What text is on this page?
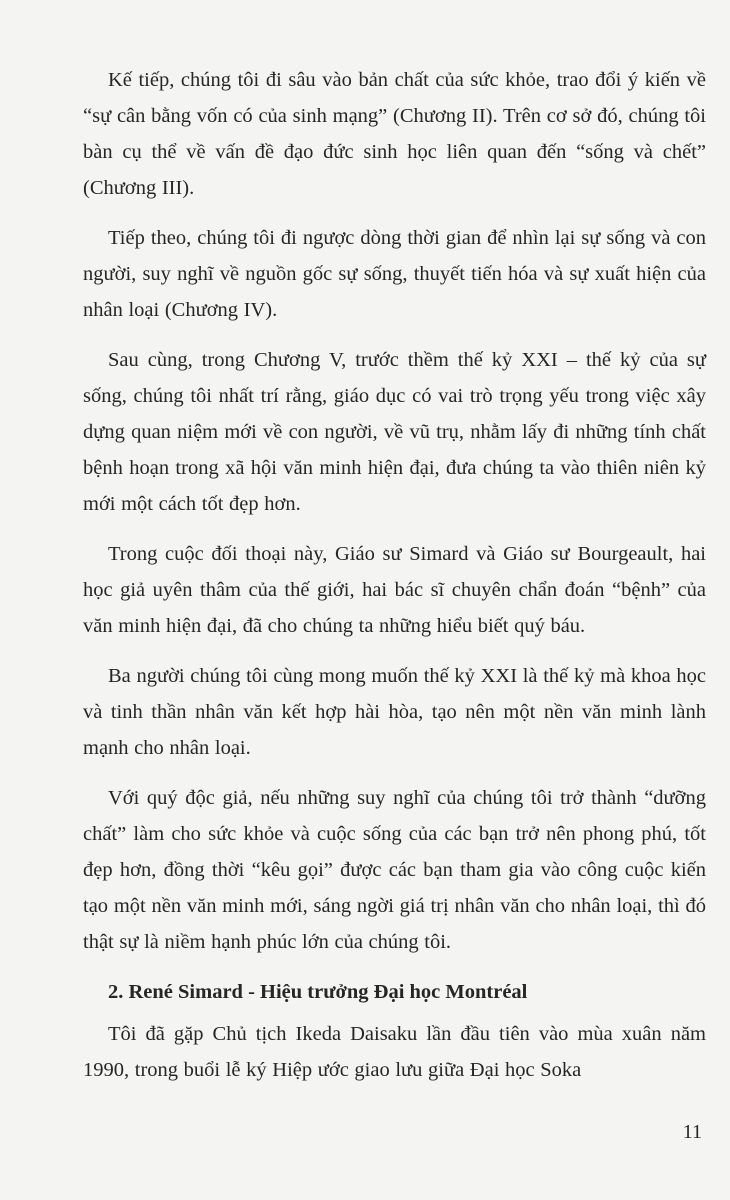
Kế tiếp, chúng tôi đi sâu vào bản chất của sức khỏe, trao đổi ý kiến về “sự cân bằng vốn có của sinh mạng” (Chương II). Trên cơ sở đó, chúng tôi bàn cụ thể về vấn đề đạo đức sinh học liên quan đến “sống và chết” (Chương III).

Tiếp theo, chúng tôi đi ngược dòng thời gian để nhìn lại sự sống và con người, suy nghĩ về nguồn gốc sự sống, thuyết tiến hóa và sự xuất hiện của nhân loại (Chương IV).

Sau cùng, trong Chương V, trước thềm thế kỷ XXI – thế kỷ của sự sống, chúng tôi nhất trí rằng, giáo dục có vai trò trọng yếu trong việc xây dựng quan niệm mới về con người, về vũ trụ, nhằm lấy đi những tính chất bệnh hoạn trong xã hội văn minh hiện đại, đưa chúng ta vào thiên niên kỷ mới một cách tốt đẹp hơn.

Trong cuộc đối thoại này, Giáo sư Simard và Giáo sư Bourgeault, hai học giả uyên thâm của thế giới, hai bác sĩ chuyên chẩn đoán “bệnh” của văn minh hiện đại, đã cho chúng ta những hiểu biết quý báu.

Ba người chúng tôi cùng mong muốn thế kỷ XXI là thế kỷ mà khoa học và tinh thần nhân văn kết hợp hài hòa, tạo nên một nền văn minh lành mạnh cho nhân loại.

Với quý độc giả, nếu những suy nghĩ của chúng tôi trở thành “dưỡng chất” làm cho sức khỏe và cuộc sống của các bạn trở nên phong phú, tốt đẹp hơn, đồng thời “kêu gọi” được các bạn tham gia vào công cuộc kiến tạo một nền văn minh mới, sáng ngời giá trị nhân văn cho nhân loại, thì đó thật sự là niềm hạnh phúc lớn của chúng tôi.

2. René Simard - Hiệu trưởng Đại học Montréal

Tôi đã gặp Chủ tịch Ikeda Daisaku lần đầu tiên vào mùa xuân năm 1990, trong buổi lễ ký Hiệp ước giao lưu giữa Đại học Soka

11
